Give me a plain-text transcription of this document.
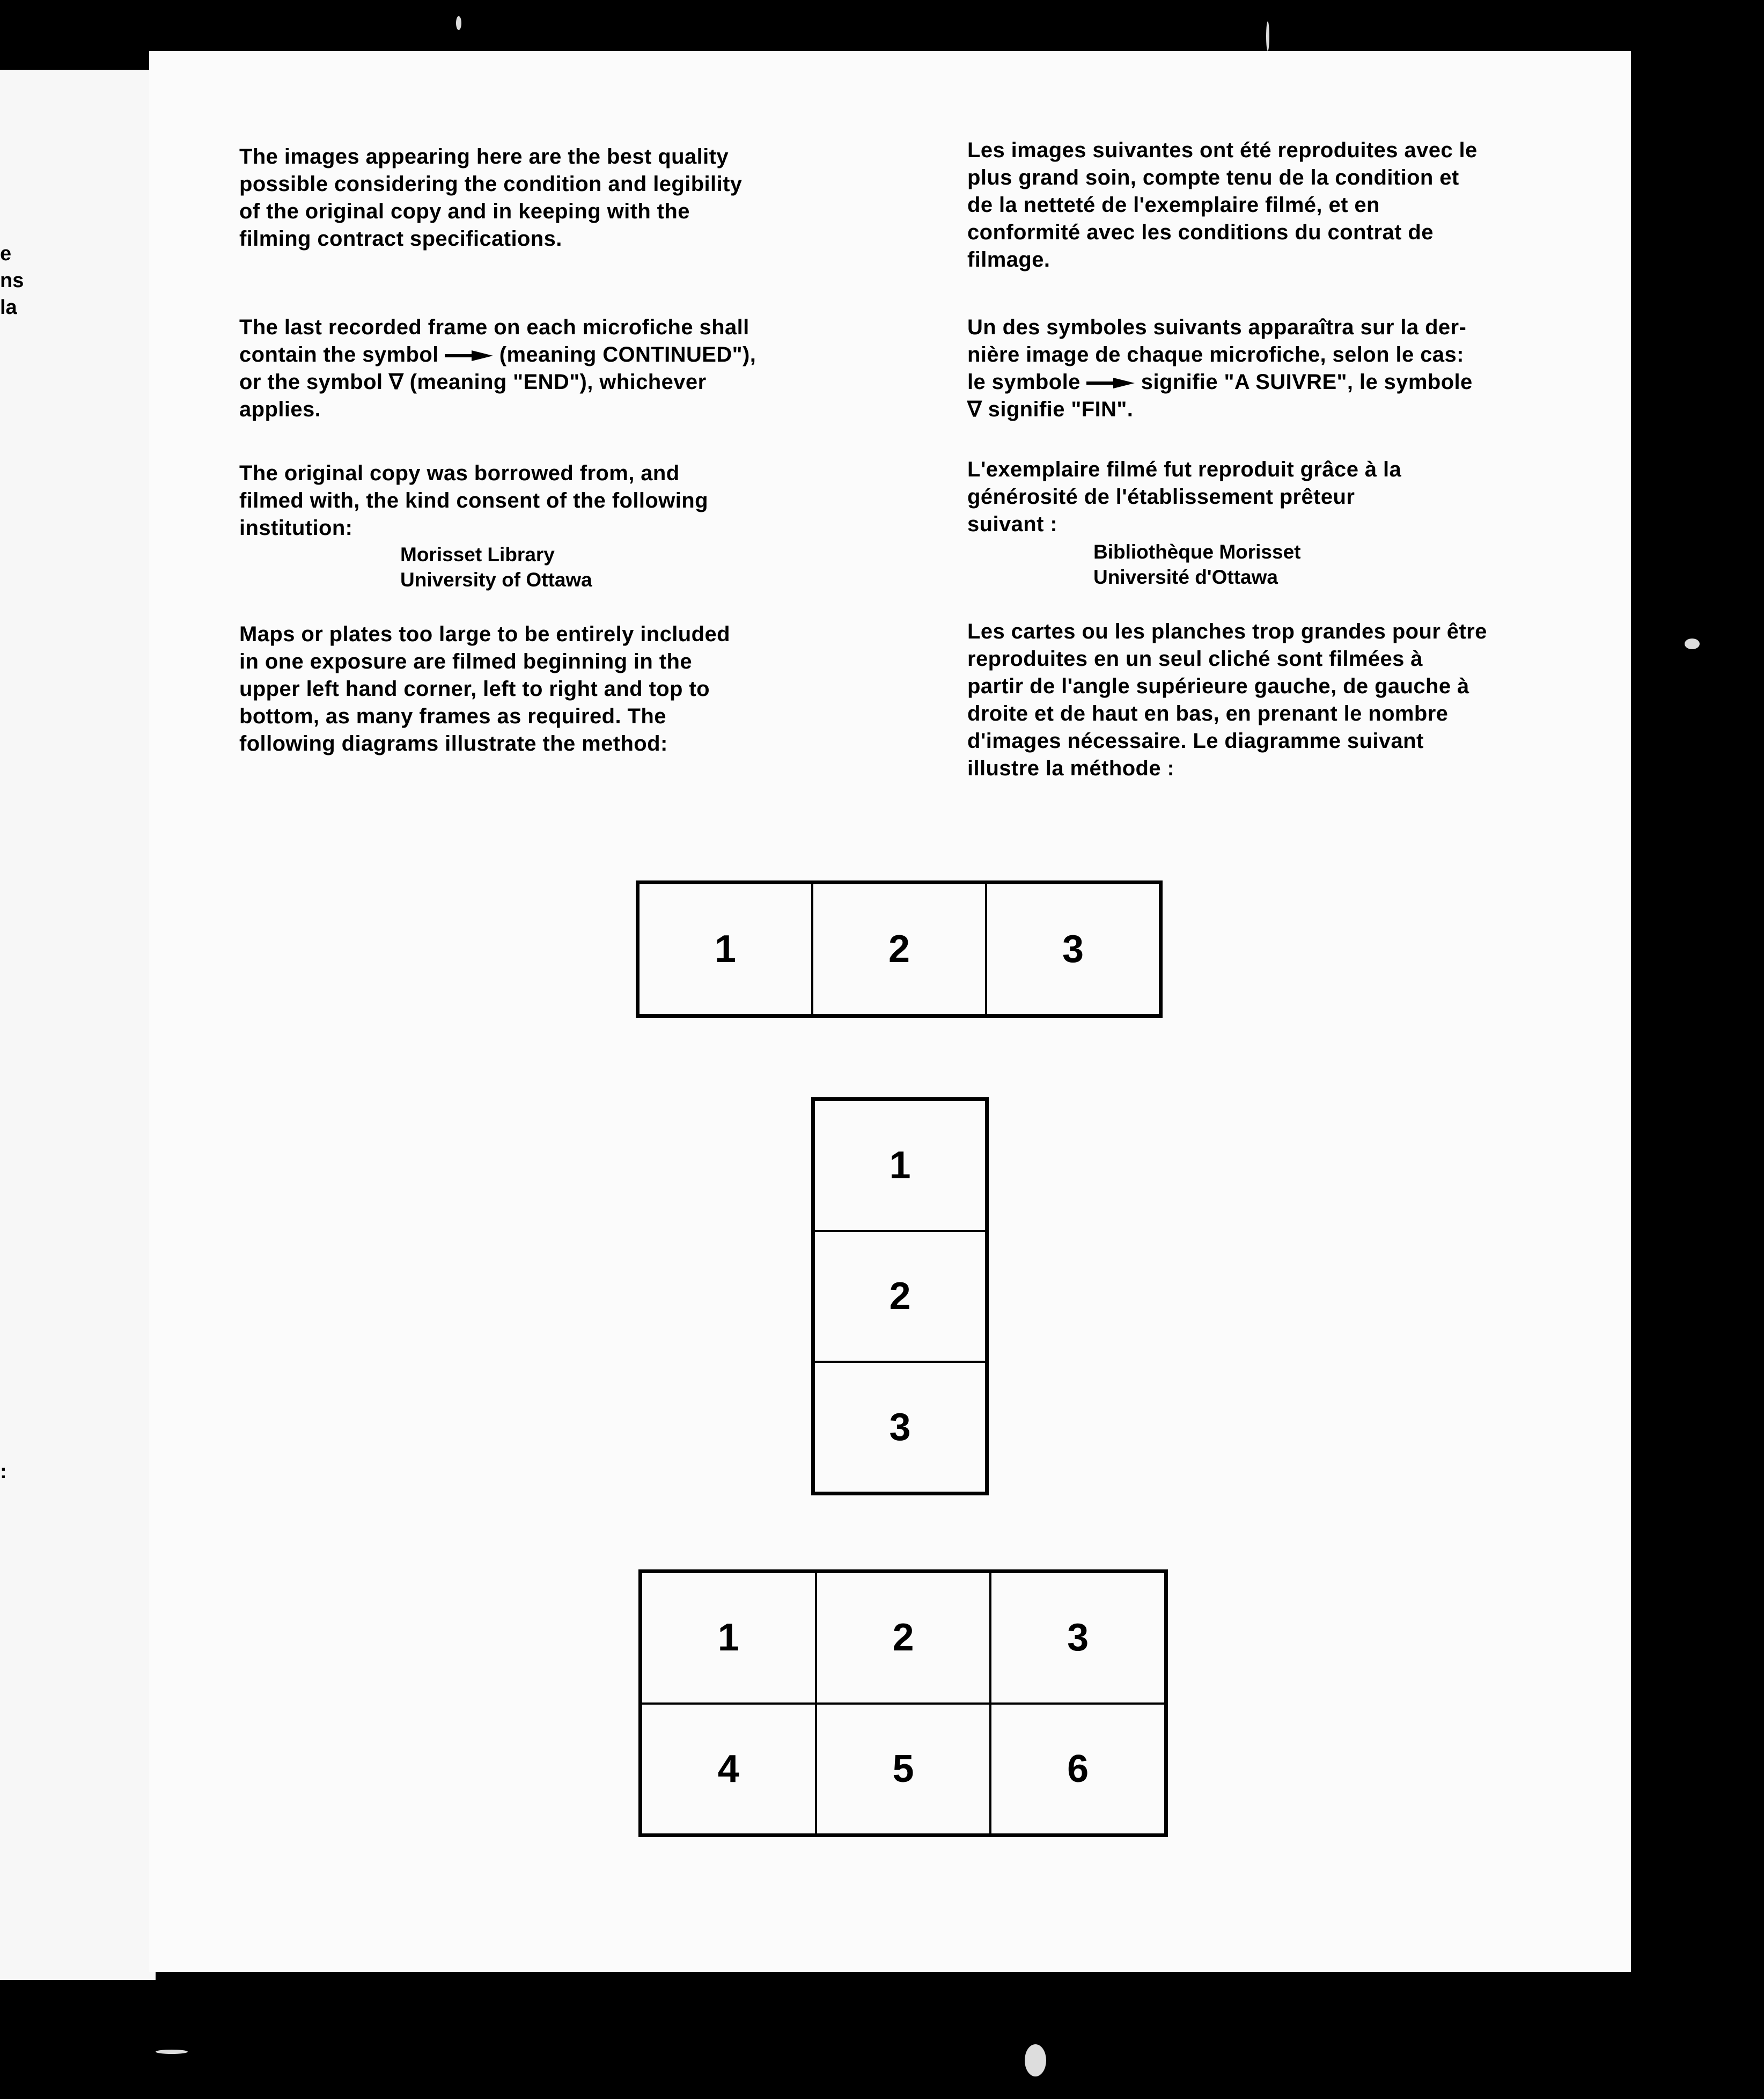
e
ns
la
:

The images appearing here are the best quality
possible considering the condition and legibility
of the original copy and in keeping with the
filming contract specifications.

The last recorded frame on each microfiche shall
contain the symbol	(meaning CONTINUED"),
or the symbol ∇ (meaning "END"), whichever
applies.

The original copy was borrowed from, and
filmed with, the kind consent of the following
institution:

Morisset Library
University of Ottawa

Maps or plates too large to be entirely included
in one exposure are filmed beginning in the
upper left hand corner, left to right and top to
bottom, as many frames as required. The
following diagrams illustrate the method:

Les images suivantes ont été reproduites avec le
plus grand soin, compte tenu de la condition et
de la netteté de l'exemplaire filmé, et en
conformité avec les conditions du contrat de
filmage.

Un des symboles suivants apparaîtra sur la der-
nière image de chaque microfiche, selon le cas:
le symbole	signifie "A SUIVRE", le symbole
∇ signifie "FIN".

L'exemplaire filmé fut reproduit grâce à la
générosité de l'établissement prêteur
suivant :

Bibliothèque Morisset
Université d'Ottawa

Les cartes ou les planches trop grandes pour être
reproduites en un seul cliché sont filmées à
partir de l'angle supérieure gauche, de gauche à
droite et de haut en bas, en prenant le nombre
d'images nécessaire. Le diagramme suivant
illustre la méthode :

1	2	3
1
2
3
1	2	3
4	5	6
